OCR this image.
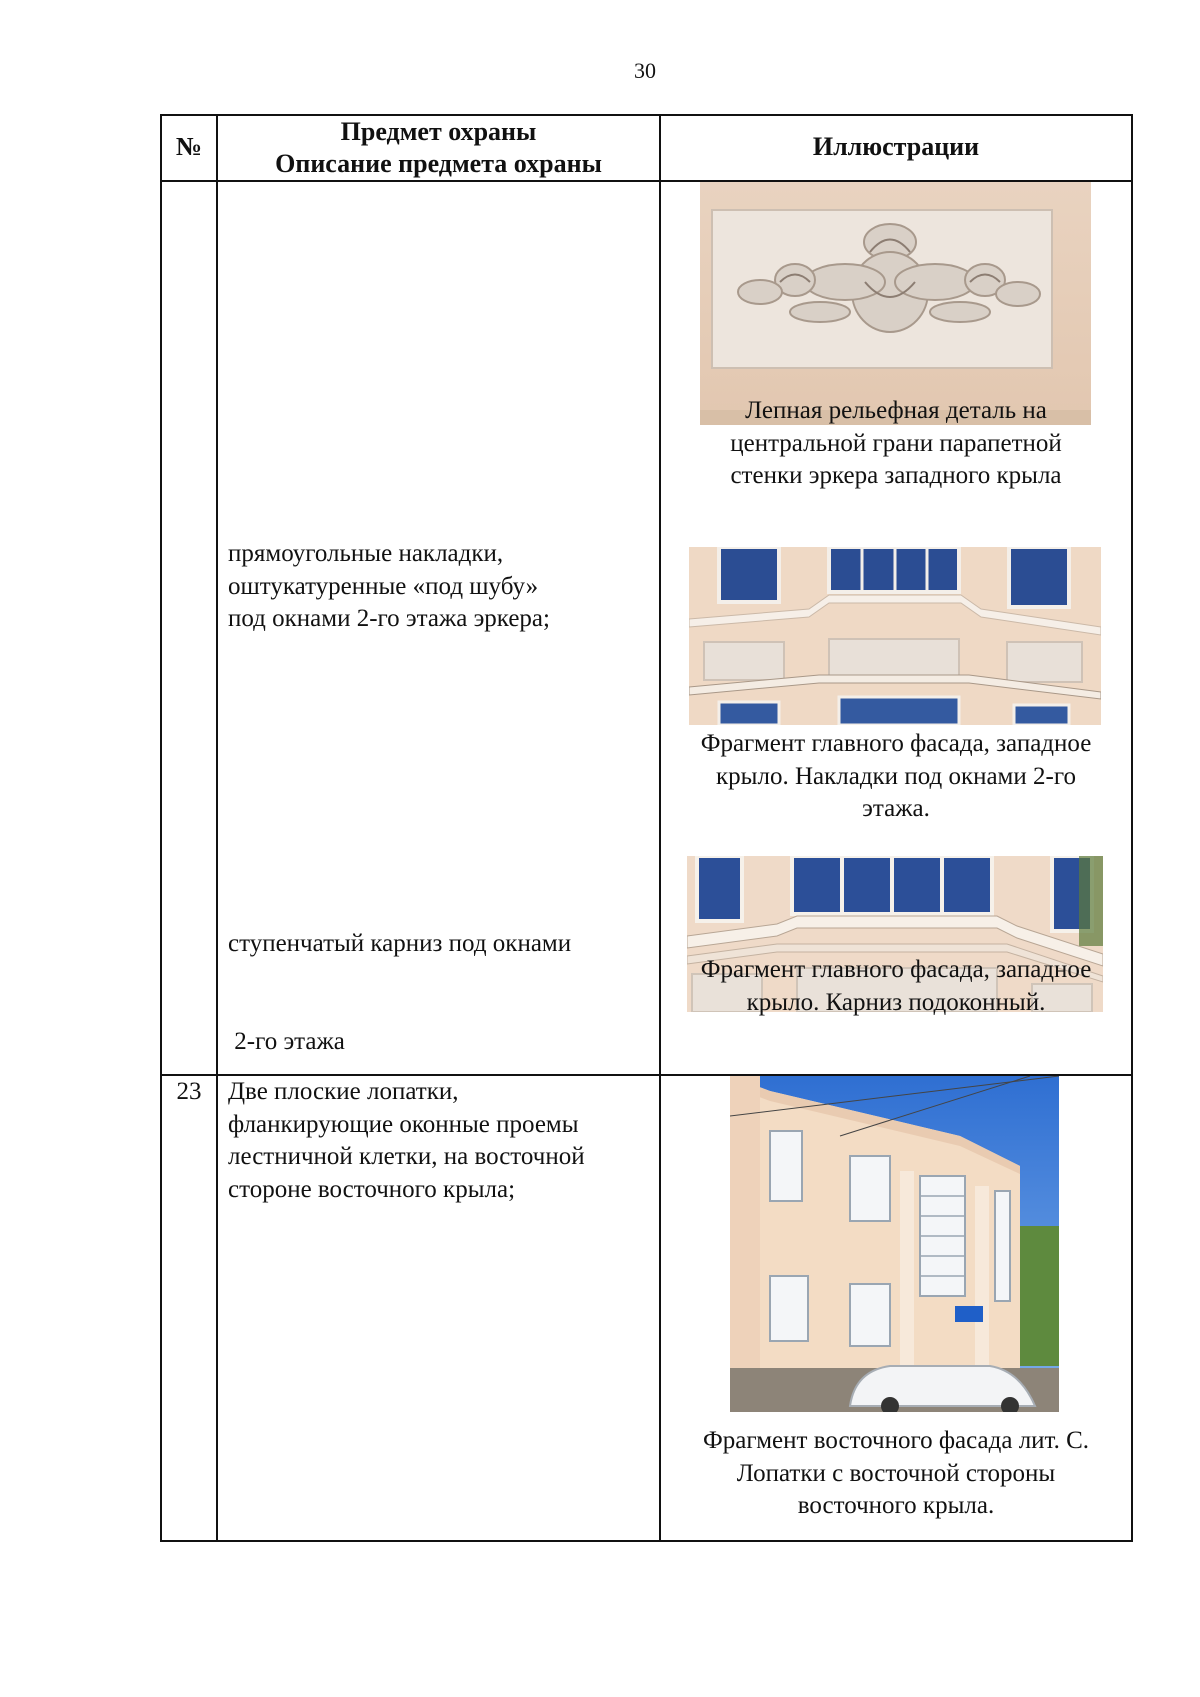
30
№
Предмет охраны
Описание предмета охраны
Иллюстрации
прямоугольные накладки,
оштукатуренные «под шубу»
под окнами 2-го этажа эркера;

ступенчатый карниз под окнами

2-го этажа

Лепная рельефная деталь на
центральной грани парапетной
стенки эркера западного крыла
Фрагмент главного фасада, западное
крыло. Накладки под окнами 2-го
этажа.
Фрагмент главного фасада, западное
крыло. Карниз подоконный.
23	Две плоские лопатки,
фланкирующие оконные проемы
лестничной клетки, на восточной
стороне восточного крыла;
Фрагмент восточного фасада лит. С.
Лопатки с восточной стороны
восточного крыла.
